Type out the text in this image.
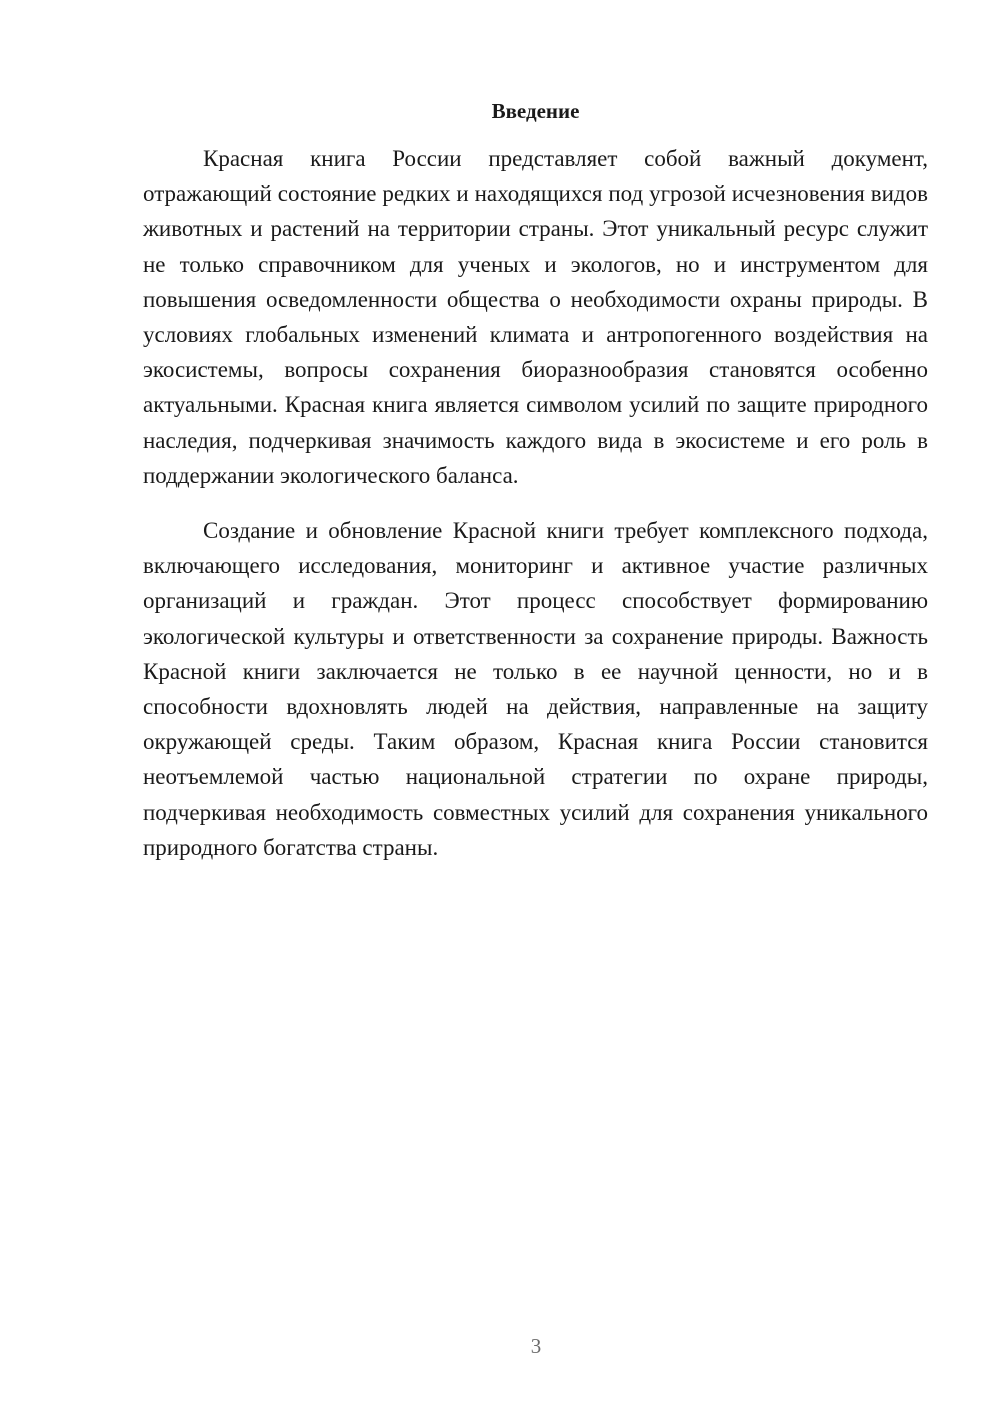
Введение

Красная книга России представляет собой важный документ, отражающий состояние редких и находящихся под угрозой исчезновения видов животных и растений на территории страны. Этот уникальный ресурс служит не только справочником для ученых и экологов, но и инструментом для повышения осведомленности общества о необходимости охраны природы. В условиях глобальных изменений климата и антропогенного воздействия на экосистемы, вопросы сохранения биоразнообразия становятся особенно актуальными. Красная книга является символом усилий по защите природного наследия, подчеркивая значимость каждого вида в экосистеме и его роль в поддержании экологического баланса.

Создание и обновление Красной книги требует комплексного подхода, включающего исследования, мониторинг и активное участие различных организаций и граждан. Этот процесс способствует формированию экологической культуры и ответственности за сохранение природы. Важность Красной книги заключается не только в ее научной ценности, но и в способности вдохновлять людей на действия, направленные на защиту окружающей среды. Таким образом, Красная книга России становится неотъемлемой частью национальной стратегии по охране природы, подчеркивая необходимость совместных усилий для сохранения уникального природного богатства страны.

3
